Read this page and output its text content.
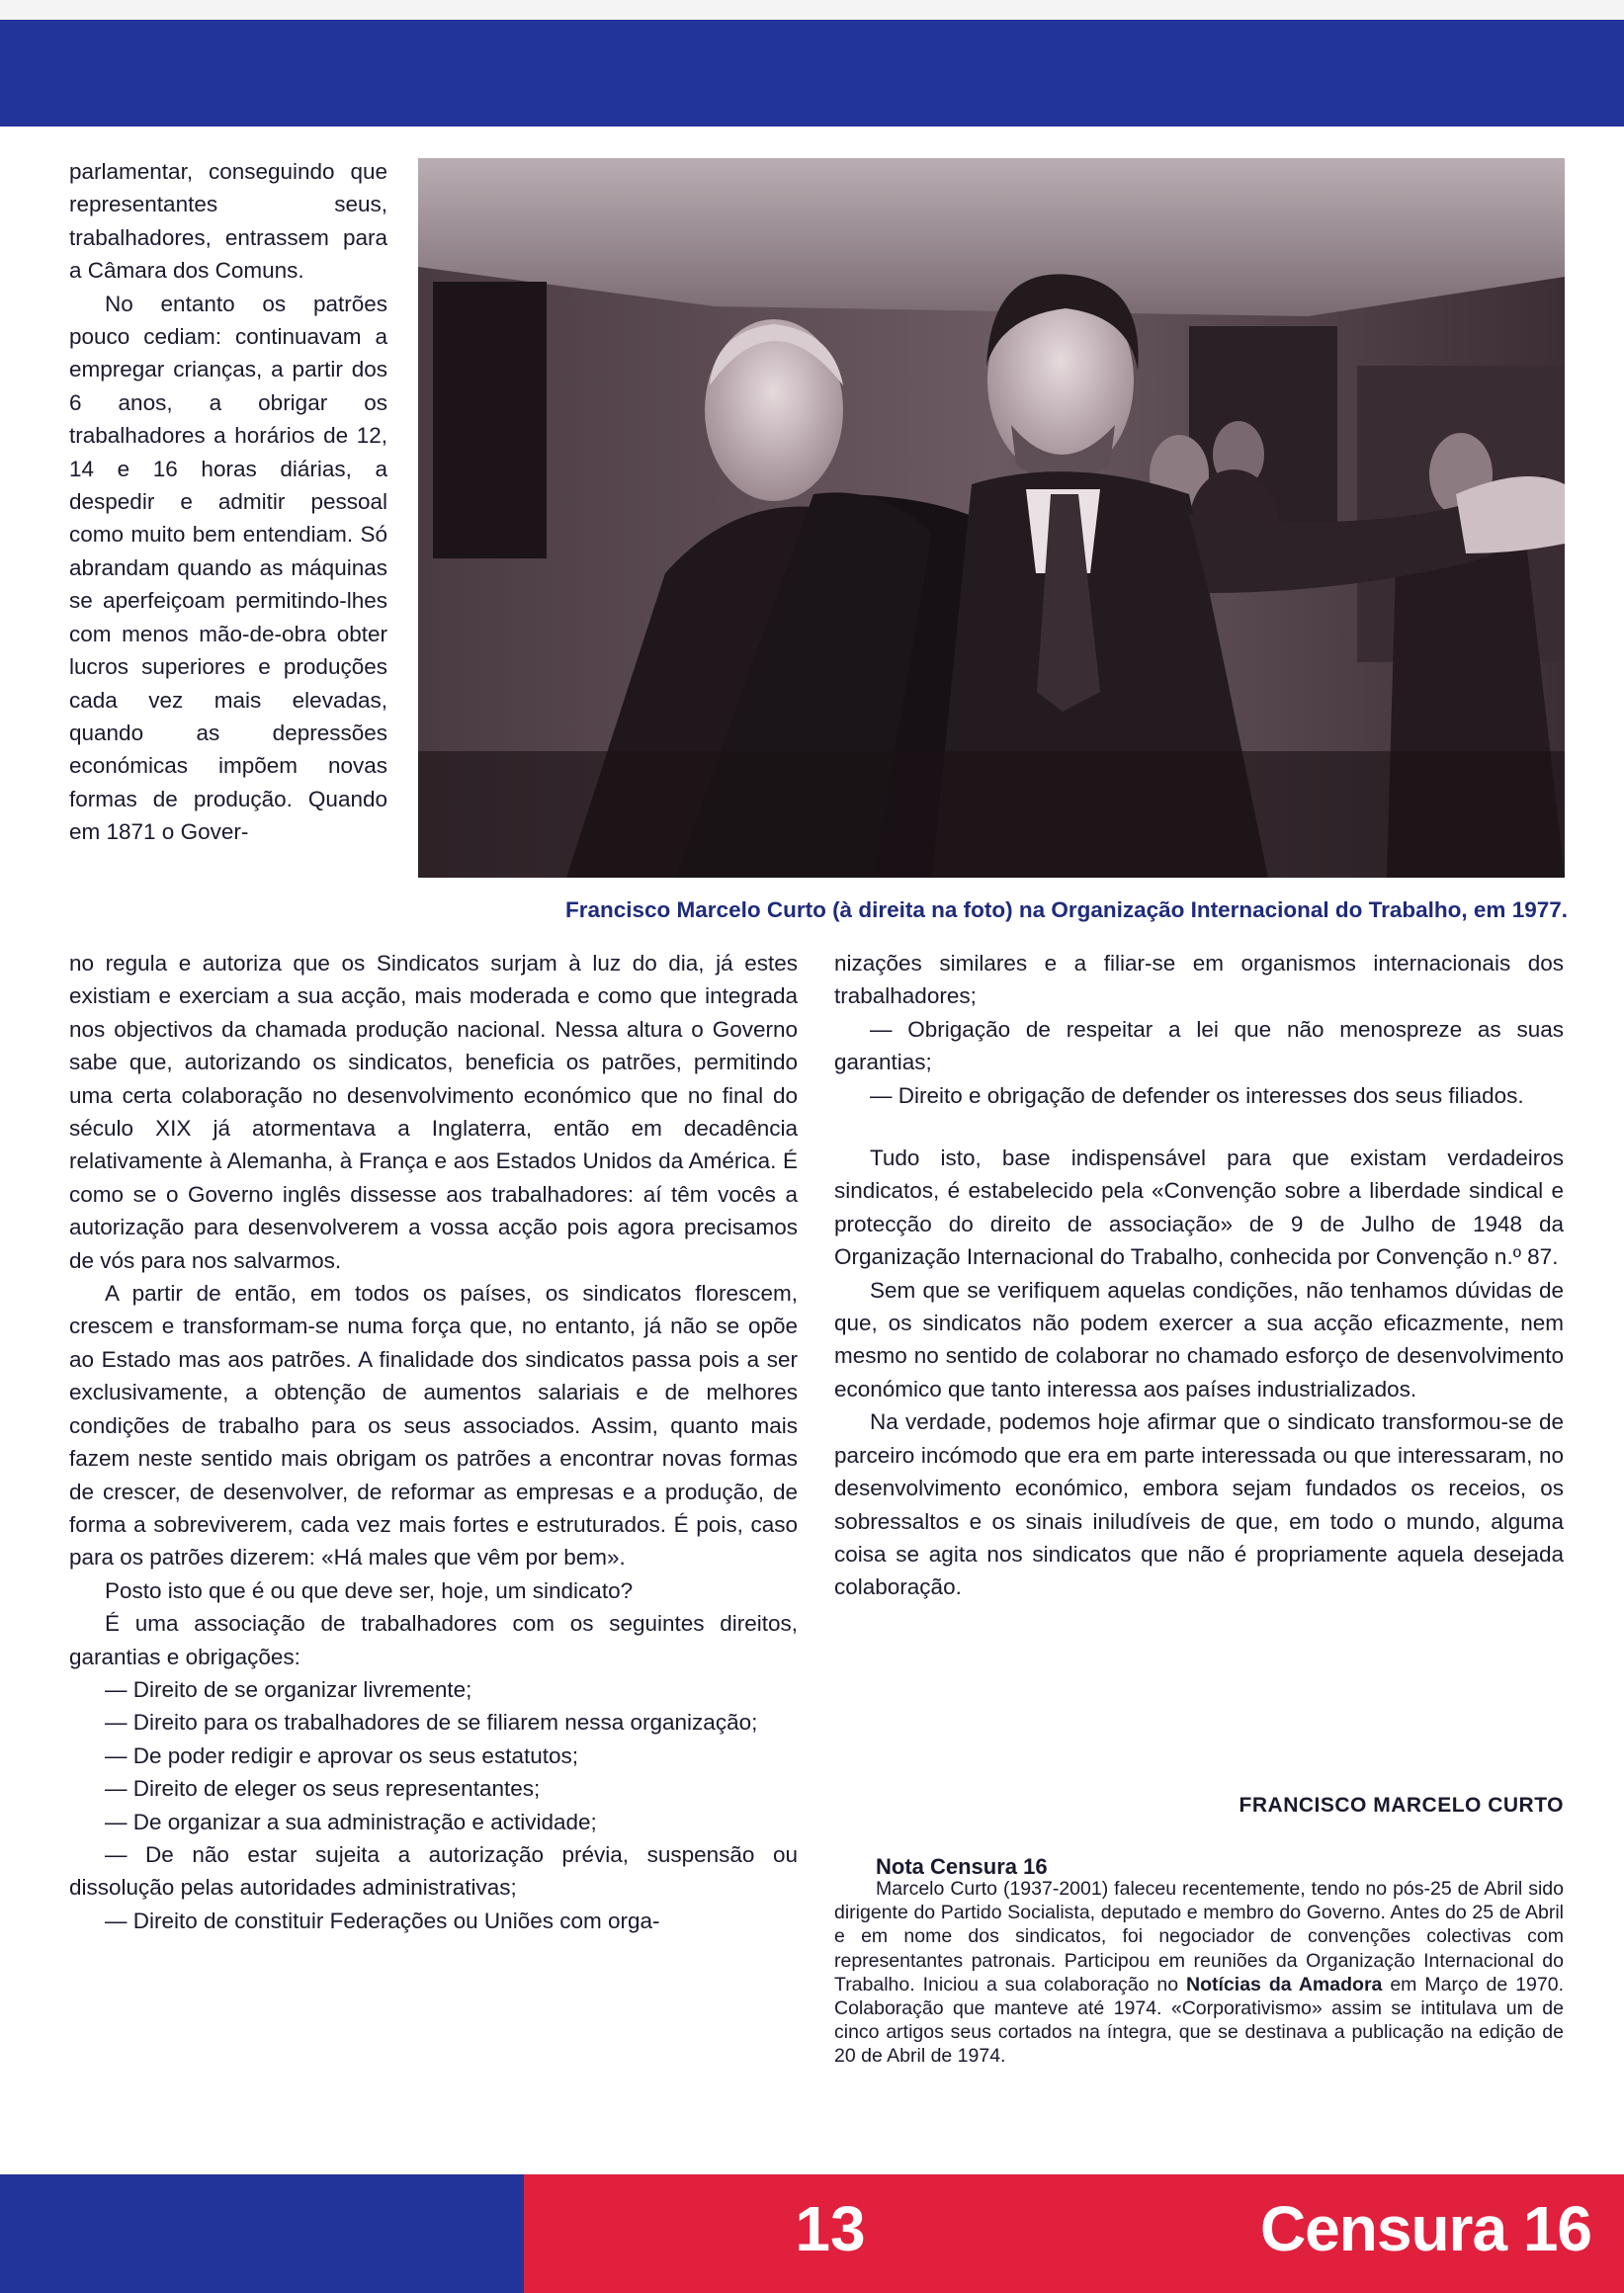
parlamentar, conseguindo que representantes seus, trabalhadores, entrassem para a Câmara dos Comuns.

No entanto os patrões pouco cediam: continuavam a empregar crianças, a partir dos 6 anos, a obrigar os trabalhadores a horários de 12, 14 e 16 horas diárias, a despedir e admitir pessoal como muito bem entendiam. Só abrandam quando as máquinas se aperfeiçoam permitindo-lhes com menos mão-de-obra obter lucros superiores e produções cada vez mais elevadas, quando as depressões económicas impõem novas formas de produção. Quando em 1871 o Gover-

Francisco Marcelo Curto (à direita na foto) na Organização Internacional do Trabalho, em 1977.

no regula e autoriza que os Sindicatos surjam à luz do dia, já estes existiam e exerciam a sua acção, mais moderada e como que integrada nos objectivos da chamada produção nacional. Nessa altura o Governo sabe que, autorizando os sindicatos, beneficia os patrões, permitindo uma certa colaboração no desenvolvimento económico que no final do século XIX já atormentava a Inglaterra, então em decadência relativamente à Alemanha, à França e aos Estados Unidos da América. É como se o Governo inglês dissesse aos trabalhadores: aí têm vocês a autorização para desenvolverem a vossa acção pois agora precisamos de vós para nos salvarmos.

A partir de então, em todos os países, os sindicatos florescem, crescem e transformam-se numa força que, no entanto, já não se opõe ao Estado mas aos patrões. A finalidade dos sindicatos passa pois a ser exclusivamente, a obtenção de aumentos salariais e de melhores condições de trabalho para os seus associados. Assim, quanto mais fazem neste sentido mais obrigam os patrões a encontrar novas formas de crescer, de desenvolver, de reformar as empresas e a produção, de forma a sobreviverem, cada vez mais fortes e estruturados. É pois, caso para os patrões dizerem: «Há males que vêm por bem».

Posto isto que é ou que deve ser, hoje, um sindicato?

É uma associação de trabalhadores com os seguintes direitos, garantias e obrigações:

— Direito de se organizar livremente;

— Direito para os trabalhadores de se filiarem nessa organização;

— De poder redigir e aprovar os seus estatutos;

— Direito de eleger os seus representantes;

— De organizar a sua administração e actividade;

— De não estar sujeita a autorização prévia, suspensão ou dissolução pelas autoridades administrativas;

— Direito de constituir Federações ou Uniões com orga-

nizações similares e a filiar-se em organismos internacionais dos trabalhadores;

— Obrigação de respeitar a lei que não menospreze as suas garantias;

— Direito e obrigação de defender os interesses dos seus filiados.

Tudo isto, base indispensável para que existam verdadeiros sindicatos, é estabelecido pela «Convenção sobre a liberdade sindical e protecção do direito de associação» de 9 de Julho de 1948 da Organização Internacional do Trabalho, conhecida por Convenção n.º 87.

Sem que se verifiquem aquelas condições, não tenhamos dúvidas de que, os sindicatos não podem exercer a sua acção eficazmente, nem mesmo no sentido de colaborar no chamado esforço de desenvolvimento económico que tanto interessa aos países industrializados.

Na verdade, podemos hoje afirmar que o sindicato transformou-se de parceiro incómodo que era em parte interessada ou que interessaram, no desenvolvimento económico, embora sejam fundados os receios, os sobressaltos e os sinais iniludíveis de que, em todo o mundo, alguma coisa se agita nos sindicatos que não é propriamente aquela desejada colaboração.

FRANCISCO MARCELO CURTO
Nota Censura 16

Marcelo Curto (1937-2001) faleceu recentemente, tendo no pós-25 de Abril sido dirigente do Partido Socialista, deputado e membro do Governo. Antes do 25 de Abril e em nome dos sindicatos, foi negociador de convenções colectivas com representantes patronais. Participou em reuniões da Organização Internacional do Trabalho. Iniciou a sua colaboração no Notícias da Amadora em Março de 1970. Colaboração que manteve até 1974. «Corporativismo» assim se intitulava um de cinco artigos seus cortados na íntegra, que se destinava a publicação na edição de 20 de Abril de 1974.

13	Censura 16
